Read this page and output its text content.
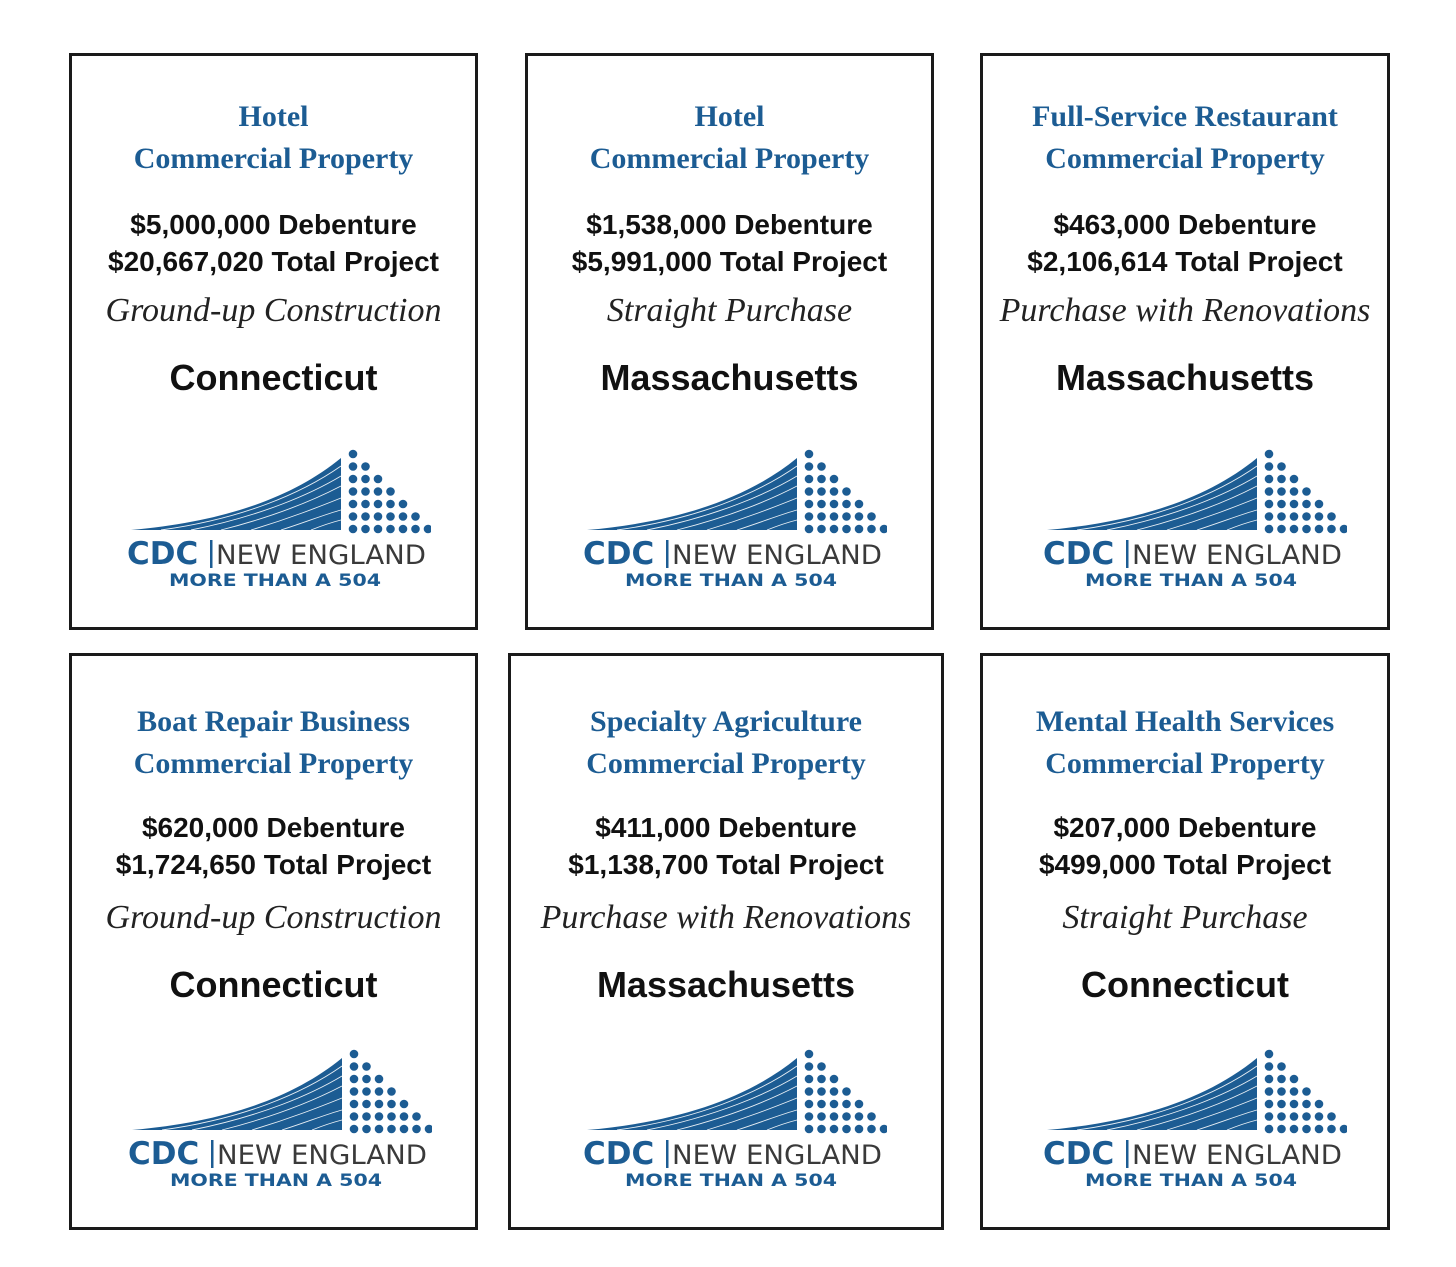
Hotel
Commercial Property
$5,000,000 Debenture
$20,667,020 Total Project
Ground-up Construction
Connecticut
CDC NEW ENGLAND
MORE THAN A 504
Hotel
Commercial Property
$1,538,000 Debenture
$5,991,000 Total Project
Straight Purchase
Massachusetts
CDC NEW ENGLAND
MORE THAN A 504
Full-Service Restaurant
Commercial Property
$463,000 Debenture
$2,106,614 Total Project
Purchase with Renovations
Massachusetts
CDC NEW ENGLAND
MORE THAN A 504
Boat Repair Business
Commercial Property
$620,000 Debenture
$1,724,650 Total Project
Ground-up Construction
Connecticut
CDC NEW ENGLAND
MORE THAN A 504
Specialty Agriculture
Commercial Property
$411,000 Debenture
$1,138,700 Total Project
Purchase with Renovations
Massachusetts
CDC NEW ENGLAND
MORE THAN A 504
Mental Health Services
Commercial Property
$207,000 Debenture
$499,000 Total Project
Straight Purchase
Connecticut
CDC NEW ENGLAND
MORE THAN A 504
